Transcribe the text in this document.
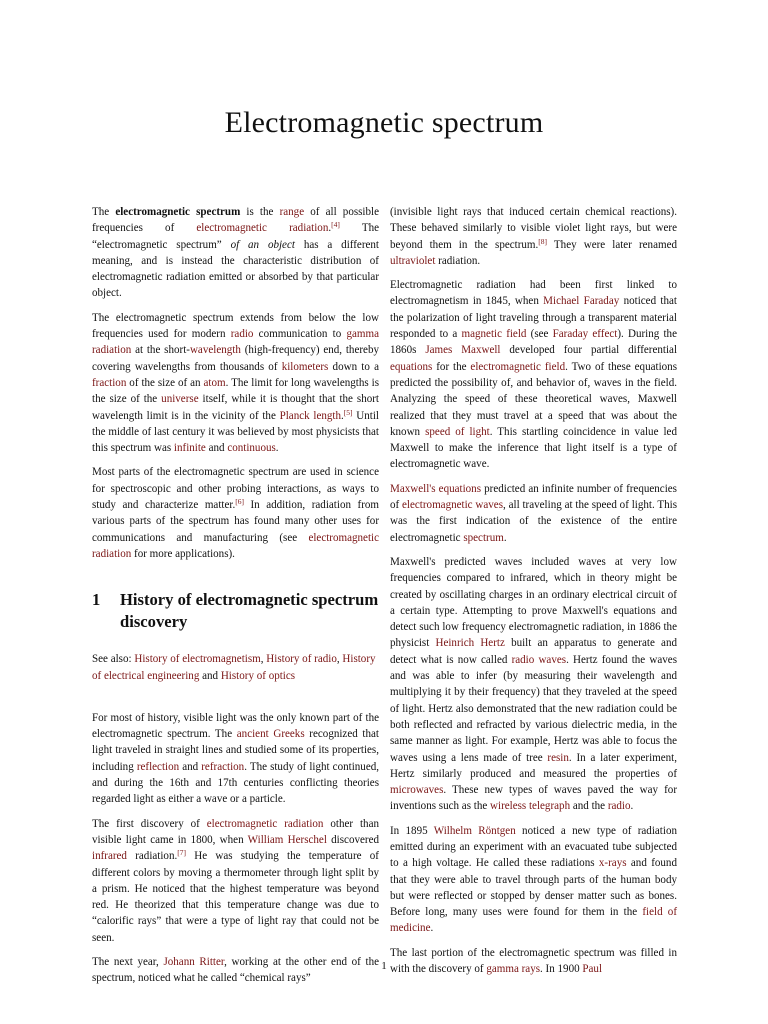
Electromagnetic spectrum

The electromagnetic spectrum is the range of all possible frequencies of electromagnetic radiation.[4] The “electromagnetic spectrum” of an object has a different meaning, and is instead the characteristic distribution of electromagnetic radiation emitted or absorbed by that particular object.

The electromagnetic spectrum extends from below the low frequencies used for modern radio communication to gamma radiation at the short-wavelength (high-frequency) end, thereby covering wavelengths from thousands of kilometers down to a fraction of the size of an atom. The limit for long wavelengths is the size of the universe itself, while it is thought that the short wavelength limit is in the vicinity of the Planck length.[5] Until the middle of last century it was believed by most physicists that this spectrum was infinite and continuous.

Most parts of the electromagnetic spectrum are used in science for spectroscopic and other probing interactions, as ways to study and characterize matter.[6] In addition, radiation from various parts of the spectrum has found many other uses for communications and manufacturing (see electromagnetic radiation for more applications).

1	History of electromagnetic spectrum discovery

See also: History of electromagnetism, History of radio, History of electrical engineering and History of optics

For most of history, visible light was the only known part of the electromagnetic spectrum. The ancient Greeks recognized that light traveled in straight lines and studied some of its properties, including reflection and refraction. The study of light continued, and during the 16th and 17th centuries conflicting theories regarded light as either a wave or a particle.

The first discovery of electromagnetic radiation other than visible light came in 1800, when William Herschel discovered infrared radiation.[7] He was studying the temperature of different colors by moving a thermometer through light split by a prism. He noticed that the highest temperature was beyond red. He theorized that this temperature change was due to “calorific rays” that were a type of light ray that could not be seen.

The next year, Johann Ritter, working at the other end of the spectrum, noticed what he called “chemical rays”

(invisible light rays that induced certain chemical reactions). These behaved similarly to visible violet light rays, but were beyond them in the spectrum.[8] They were later renamed ultraviolet radiation.

Electromagnetic radiation had been first linked to electromagnetism in 1845, when Michael Faraday noticed that the polarization of light traveling through a transparent material responded to a magnetic field (see Faraday effect). During the 1860s James Maxwell developed four partial differential equations for the electromagnetic field. Two of these equations predicted the possibility of, and behavior of, waves in the field. Analyzing the speed of these theoretical waves, Maxwell realized that they must travel at a speed that was about the known speed of light. This startling coincidence in value led Maxwell to make the inference that light itself is a type of electromagnetic wave.

Maxwell's equations predicted an infinite number of frequencies of electromagnetic waves, all traveling at the speed of light. This was the first indication of the existence of the entire electromagnetic spectrum.

Maxwell's predicted waves included waves at very low frequencies compared to infrared, which in theory might be created by oscillating charges in an ordinary electrical circuit of a certain type. Attempting to prove Maxwell's equations and detect such low frequency electromagnetic radiation, in 1886 the physicist Heinrich Hertz built an apparatus to generate and detect what is now called radio waves. Hertz found the waves and was able to infer (by measuring their wavelength and multiplying it by their frequency) that they traveled at the speed of light. Hertz also demonstrated that the new radiation could be both reflected and refracted by various dielectric media, in the same manner as light. For example, Hertz was able to focus the waves using a lens made of tree resin. In a later experiment, Hertz similarly produced and measured the properties of microwaves. These new types of waves paved the way for inventions such as the wireless telegraph and the radio.

In 1895 Wilhelm Röntgen noticed a new type of radiation emitted during an experiment with an evacuated tube subjected to a high voltage. He called these radiations x-rays and found that they were able to travel through parts of the human body but were reflected or stopped by denser matter such as bones. Before long, many uses were found for them in the field of medicine.

The last portion of the electromagnetic spectrum was filled in with the discovery of gamma rays. In 1900 Paul

1
